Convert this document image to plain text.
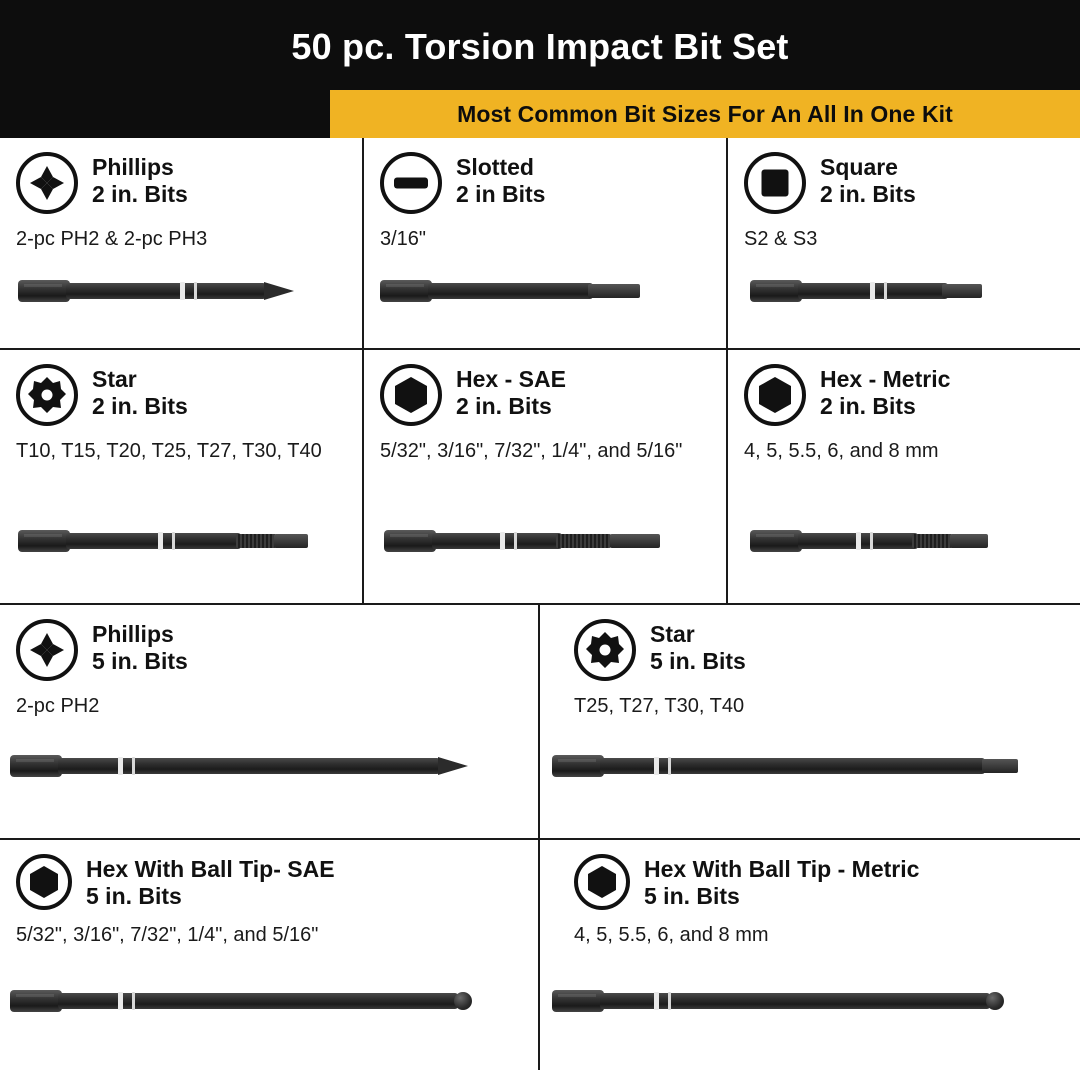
50 pc. Torsion Impact Bit Set
Most Common Bit Sizes For An All In One Kit
Phillips
2 in. Bits
2-pc PH2 & 2-pc PH3
Slotted
2 in Bits
3/16"
Square
2 in. Bits
S2 & S3
Star
2 in. Bits
T10, T15, T20, T25, T27, T30, T40
Hex - SAE
2 in. Bits
5/32", 3/16", 7/32", 1/4", and 5/16"
Hex - Metric
2 in. Bits
4, 5, 5.5, 6, and 8 mm
Phillips
5 in. Bits
2-pc PH2
Star
5 in. Bits
T25, T27, T30, T40
Hex With Ball Tip- SAE
5 in. Bits
5/32", 3/16", 7/32", 1/4", and 5/16"
Hex With Ball Tip - Metric
5 in. Bits
4, 5, 5.5, 6, and 8 mm
